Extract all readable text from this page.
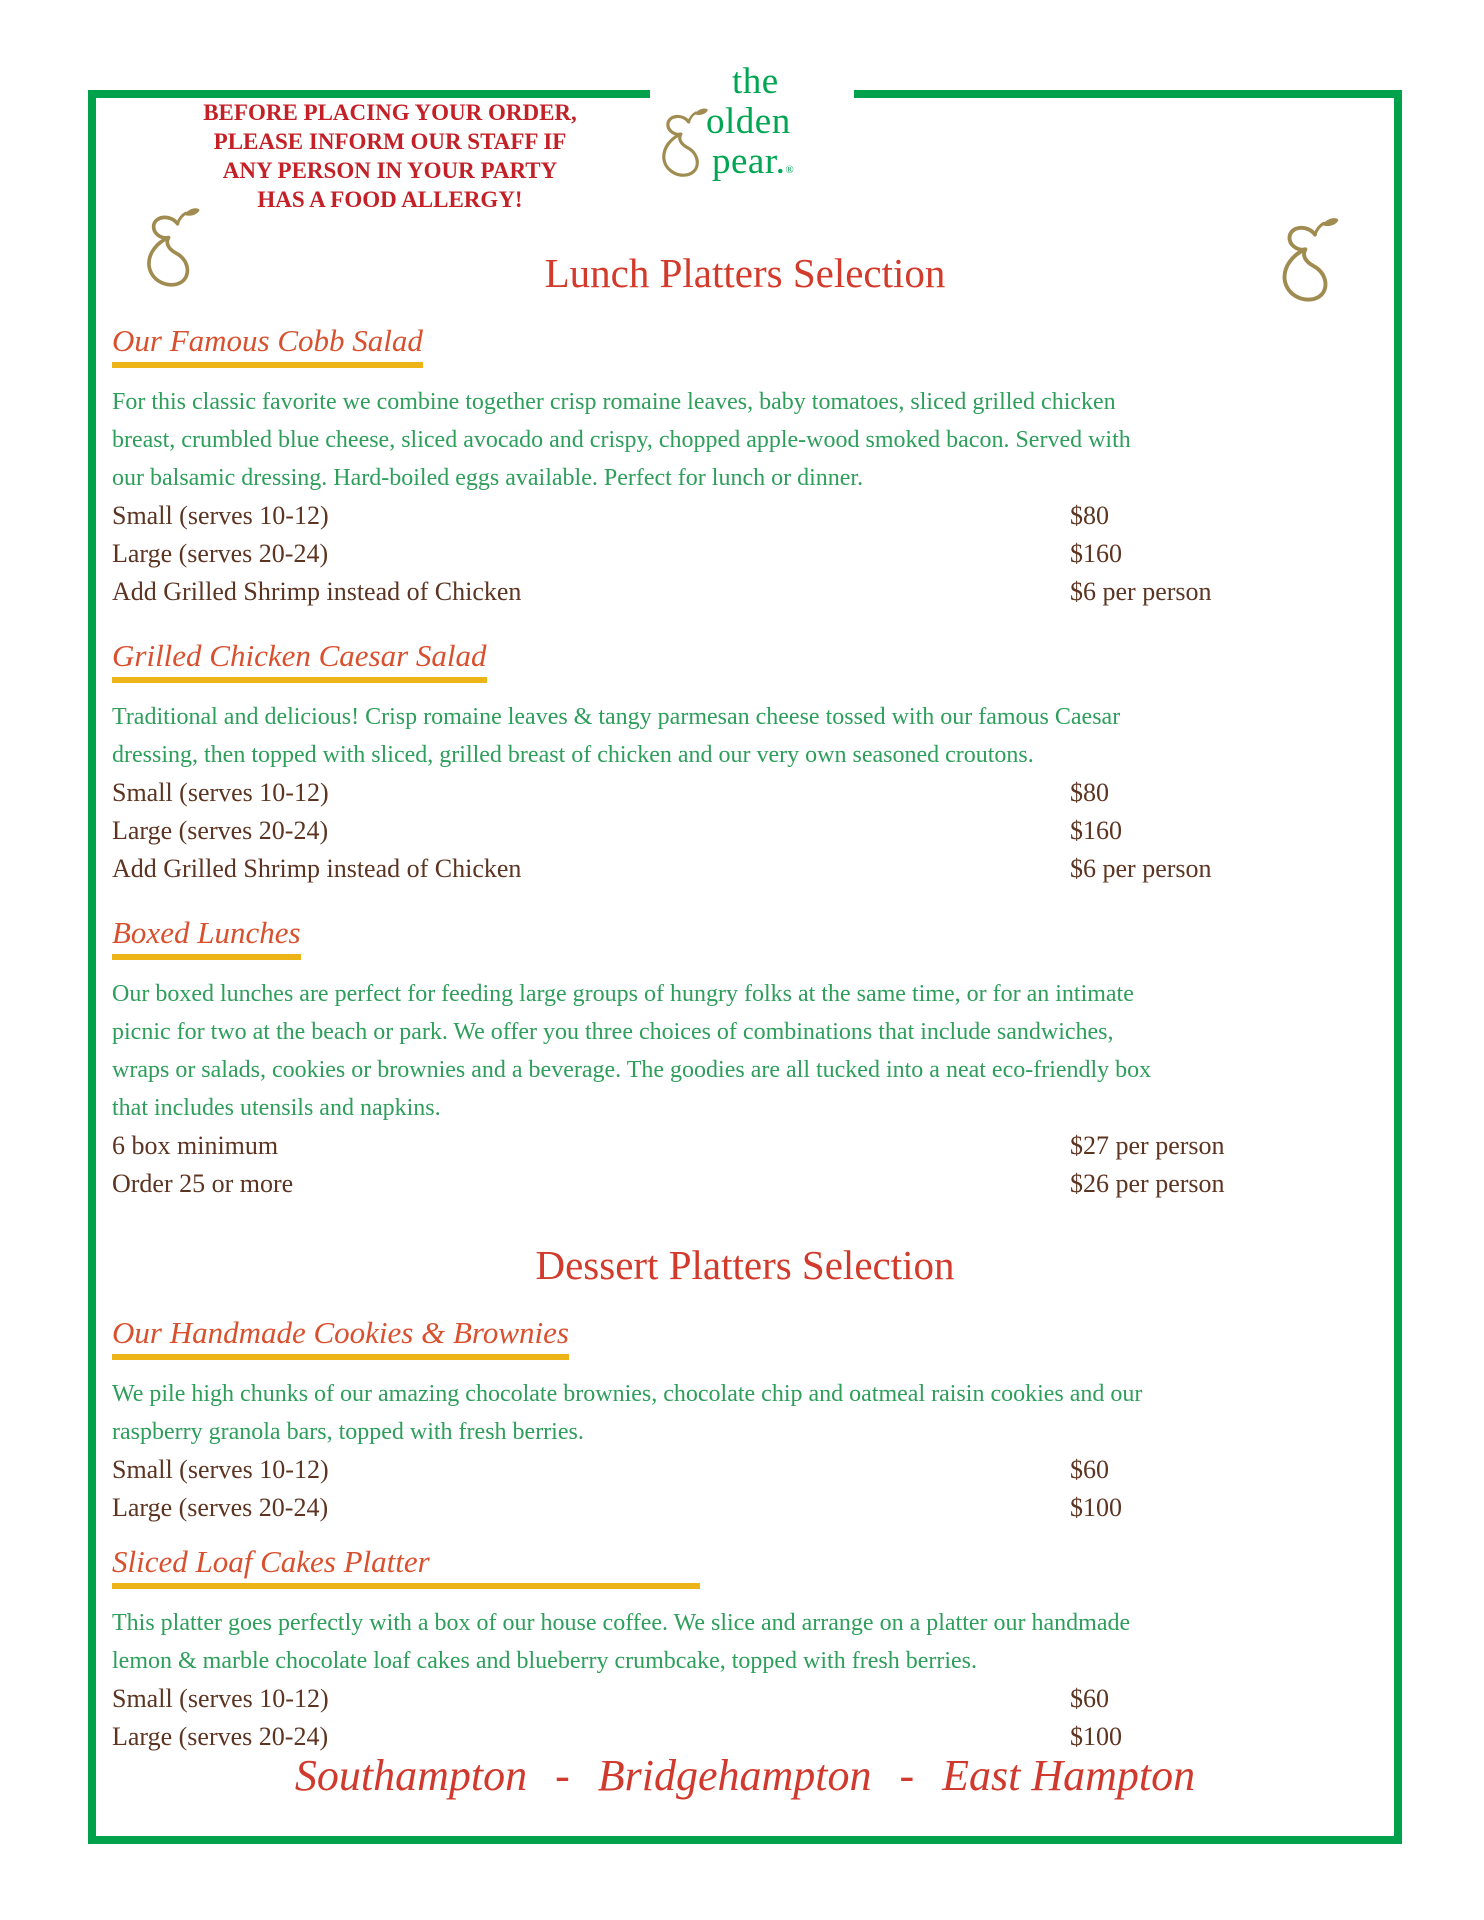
the
olden
pear.®
BEFORE PLACING YOUR ORDER,
PLEASE INFORM OUR STAFF IF
ANY PERSON IN YOUR PARTY
HAS A FOOD ALLERGY!
Lunch Platters Selection
Our Famous Cobb Salad

For this classic favorite we combine together crisp romaine leaves, baby tomatoes, sliced grilled chicken breast, crumbled blue cheese, sliced avocado and crispy, chopped apple-wood smoked bacon. Served with our balsamic dressing. Hard-boiled eggs available. Perfect for lunch or dinner.

Small (serves 10-12)	$80
Large (serves 20-24)	$160
Add Grilled Shrimp instead of Chicken	$6 per person
Grilled Chicken Caesar Salad

Traditional and delicious! Crisp romaine leaves & tangy parmesan cheese tossed with our famous Caesar dressing, then topped with sliced, grilled breast of chicken and our very own seasoned croutons.

Small (serves 10-12)	$80
Large (serves 20-24)	$160
Add Grilled Shrimp instead of Chicken	$6 per person
Boxed Lunches

Our boxed lunches are perfect for feeding large groups of hungry folks at the same time, or for an intimate picnic for two at the beach or park. We offer you three choices of combinations that include sandwiches, wraps or salads, cookies or brownies and a beverage. The goodies are all tucked into a neat eco-friendly box that includes utensils and napkins.

6 box minimum	$27 per person
Order 25 or more	$26 per person
Dessert Platters Selection
Our Handmade Cookies & Brownies

We pile high chunks of our amazing chocolate brownies, chocolate chip and oatmeal raisin cookies and our raspberry granola bars, topped with fresh berries.

Small (serves 10-12)	$60
Large (serves 20-24)	$100
Sliced Loaf Cakes Platter

This platter goes perfectly with a box of our house coffee. We slice and arrange on a platter our handmade lemon & marble chocolate loaf cakes and blueberry crumbcake, topped with fresh berries.

Small (serves 10-12)	$60
Large (serves 20-24)	$100
Southampton - Bridgehampton - East Hampton
